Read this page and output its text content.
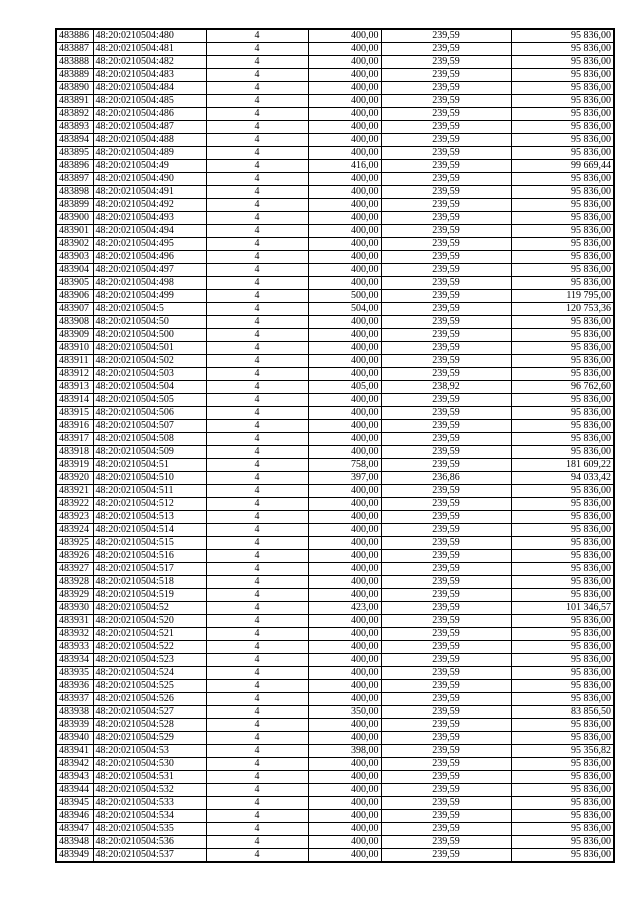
483886	48:20:0210504:480	4	400,00	239,59	95 836,00
483887	48:20:0210504:481	4	400,00	239,59	95 836,00
483888	48:20:0210504:482	4	400,00	239,59	95 836,00
483889	48:20:0210504:483	4	400,00	239,59	95 836,00
483890	48:20:0210504:484	4	400,00	239,59	95 836,00
483891	48:20:0210504:485	4	400,00	239,59	95 836,00
483892	48:20:0210504:486	4	400,00	239,59	95 836,00
483893	48:20:0210504:487	4	400,00	239,59	95 836,00
483894	48:20:0210504:488	4	400,00	239,59	95 836,00
483895	48:20:0210504:489	4	400,00	239,59	95 836,00
483896	48:20:0210504:49	4	416,00	239,59	99 669,44
483897	48:20:0210504:490	4	400,00	239,59	95 836,00
483898	48:20:0210504:491	4	400,00	239,59	95 836,00
483899	48:20:0210504:492	4	400,00	239,59	95 836,00
483900	48:20:0210504:493	4	400,00	239,59	95 836,00
483901	48:20:0210504:494	4	400,00	239,59	95 836,00
483902	48:20:0210504:495	4	400,00	239,59	95 836,00
483903	48:20:0210504:496	4	400,00	239,59	95 836,00
483904	48:20:0210504:497	4	400,00	239,59	95 836,00
483905	48:20:0210504:498	4	400,00	239,59	95 836,00
483906	48:20:0210504:499	4	500,00	239,59	119 795,00
483907	48:20:0210504:5	4	504,00	239,59	120 753,36
483908	48:20:0210504:50	4	400,00	239,59	95 836,00
483909	48:20:0210504:500	4	400,00	239,59	95 836,00
483910	48:20:0210504:501	4	400,00	239,59	95 836,00
483911	48:20:0210504:502	4	400,00	239,59	95 836,00
483912	48:20:0210504:503	4	400,00	239,59	95 836,00
483913	48:20:0210504:504	4	405,00	238,92	96 762,60
483914	48:20:0210504:505	4	400,00	239,59	95 836,00
483915	48:20:0210504:506	4	400,00	239,59	95 836,00
483916	48:20:0210504:507	4	400,00	239,59	95 836,00
483917	48:20:0210504:508	4	400,00	239,59	95 836,00
483918	48:20:0210504:509	4	400,00	239,59	95 836,00
483919	48:20:0210504:51	4	758,00	239,59	181 609,22
483920	48:20:0210504:510	4	397,00	236,86	94 033,42
483921	48:20:0210504:511	4	400,00	239,59	95 836,00
483922	48:20:0210504:512	4	400,00	239,59	95 836,00
483923	48:20:0210504:513	4	400,00	239,59	95 836,00
483924	48:20:0210504:514	4	400,00	239,59	95 836,00
483925	48:20:0210504:515	4	400,00	239,59	95 836,00
483926	48:20:0210504:516	4	400,00	239,59	95 836,00
483927	48:20:0210504:517	4	400,00	239,59	95 836,00
483928	48:20:0210504:518	4	400,00	239,59	95 836,00
483929	48:20:0210504:519	4	400,00	239,59	95 836,00
483930	48:20:0210504:52	4	423,00	239,59	101 346,57
483931	48:20:0210504:520	4	400,00	239,59	95 836,00
483932	48:20:0210504:521	4	400,00	239,59	95 836,00
483933	48:20:0210504:522	4	400,00	239,59	95 836,00
483934	48:20:0210504:523	4	400,00	239,59	95 836,00
483935	48:20:0210504:524	4	400,00	239,59	95 836,00
483936	48:20:0210504:525	4	400,00	239,59	95 836,00
483937	48:20:0210504:526	4	400,00	239,59	95 836,00
483938	48:20:0210504:527	4	350,00	239,59	83 856,50
483939	48:20:0210504:528	4	400,00	239,59	95 836,00
483940	48:20:0210504:529	4	400,00	239,59	95 836,00
483941	48:20:0210504:53	4	398,00	239,59	95 356,82
483942	48:20:0210504:530	4	400,00	239,59	95 836,00
483943	48:20:0210504:531	4	400,00	239,59	95 836,00
483944	48:20:0210504:532	4	400,00	239,59	95 836,00
483945	48:20:0210504:533	4	400,00	239,59	95 836,00
483946	48:20:0210504:534	4	400,00	239,59	95 836,00
483947	48:20:0210504:535	4	400,00	239,59	95 836,00
483948	48:20:0210504:536	4	400,00	239,59	95 836,00
483949	48:20:0210504:537	4	400,00	239,59	95 836,00
